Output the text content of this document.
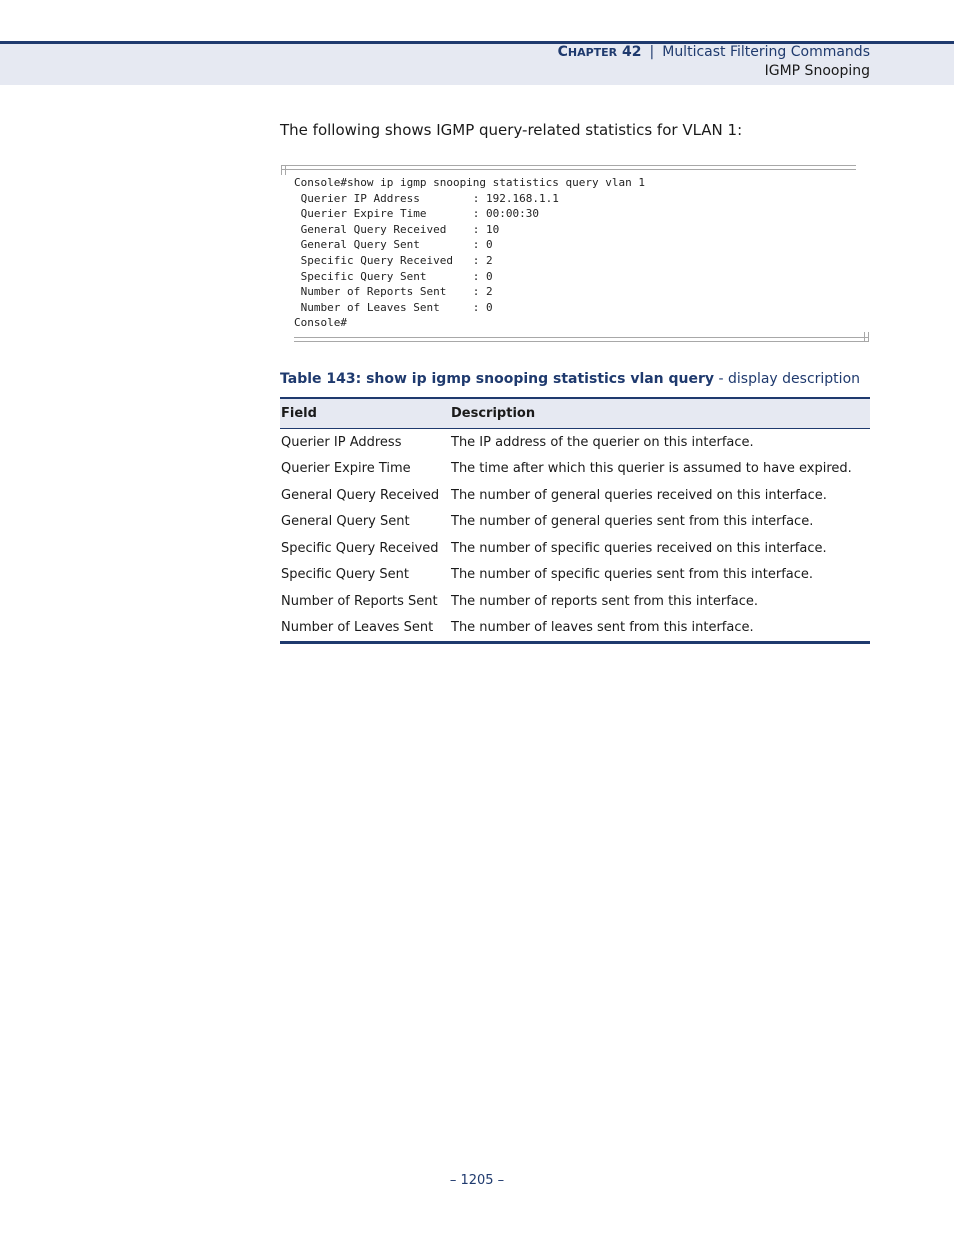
CHAPTER 42 | Multicast Filtering Commands
IGMP Snooping
The following shows IGMP query-related statistics for VLAN 1:
Console#show ip igmp snooping statistics query vlan 1
Querier IP Address        : 192.168.1.1
Querier Expire Time       : 00:00:30
General Query Received    : 10
General Query Sent        : 0
Specific Query Received   : 2
Specific Query Sent       : 0
Number of Reports Sent    : 2
Number of Leaves Sent     : 0
Console#
Table 143: show ip igmp snooping statistics vlan query - display description
Field	Description
Querier IP Address	The IP address of the querier on this interface.
Querier Expire Time	The time after which this querier is assumed to have expired.
General Query Received	The number of general queries received on this interface.
General Query Sent	The number of general queries sent from this interface.
Specific Query Received	The number of specific queries received on this interface.
Specific Query Sent	The number of specific queries sent from this interface.
Number of Reports Sent	The number of reports sent from this interface.
Number of Leaves Sent	The number of leaves sent from this interface.
– 1205 –
